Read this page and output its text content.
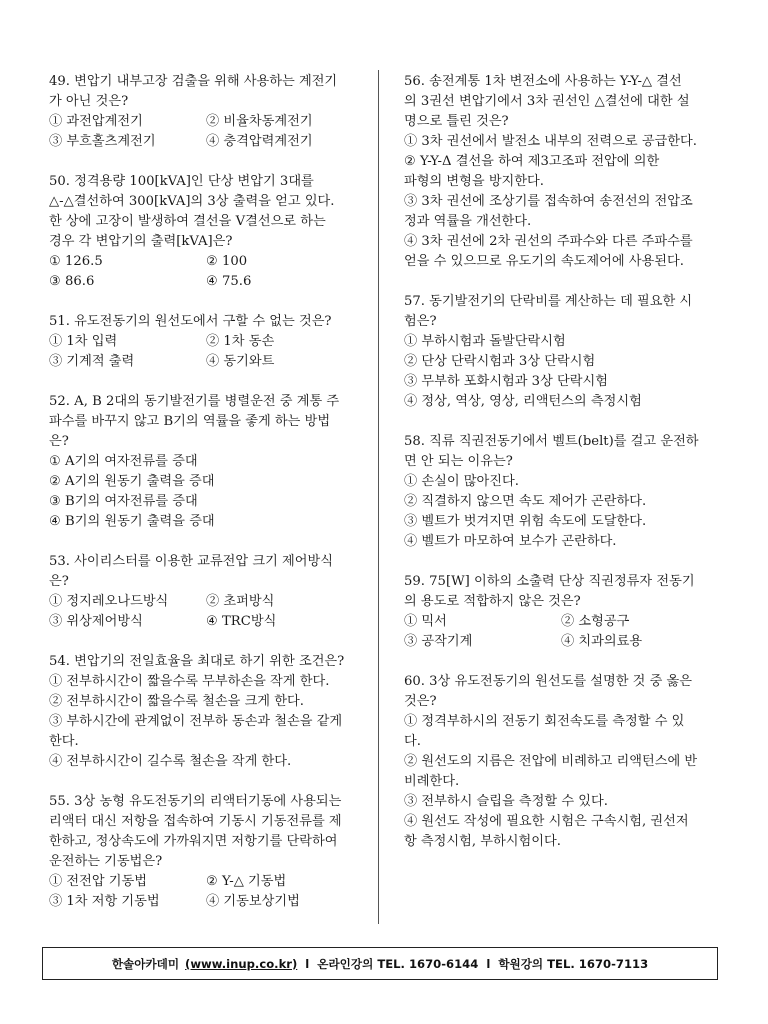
49. 변압기 내부고장 검출을 위해 사용하는 계전기
가 아닌 것은?
① 과전압계전기	② 비율차동계전기
③ 부흐홀츠계전기	④ 충격압력계전기
50. 정격용량 100[kVA]인 단상 변압기 3대를
△-△결선하여 300[kVA]의 3상 출력을 얻고 있다.
한 상에 고장이 발생하여 결선을 V결선으로 하는
경우 각 변압기의 출력[kVA]은?
① 126.5	② 100
③ 86.6	④ 75.6
51. 유도전동기의 원선도에서 구할 수 없는 것은?
① 1차 입력	② 1차 동손
③ 기계적 출력	④ 동기와트
52. A, B 2대의 동기발전기를 병렬운전 중 계통 주
파수를 바꾸지 않고 B기의 역률을 좋게 하는 방법
은?
① A기의 여자전류를 증대
② A기의 원동기 출력을 증대
③ B기의 여자전류를 증대
④ B기의 원동기 출력을 증대
53. 사이리스터를 이용한 교류전압 크기 제어방식
은?
① 정지레오나드방식	② 초퍼방식
③ 위상제어방식	④ TRC방식
54. 변압기의 전일효율을 최대로 하기 위한 조건은?
① 전부하시간이 짧을수록 무부하손을 작게 한다.
② 전부하시간이 짧을수록 철손을 크게 한다.
③ 부하시간에 관계없이 전부하 동손과 철손을 같게
한다.
④ 전부하시간이 길수록 철손을 작게 한다.
55. 3상 농형 유도전동기의 리액터기동에 사용되는
리액터 대신 저항을 접속하여 기동시 기동전류를 제
한하고, 정상속도에 가까워지면 저항기를 단락하여
운전하는 기동법은?
① 전전압 기동법	② Y-△ 기동법
③ 1차 저항 기동법	④ 기동보상기법
56. 송전계통 1차 변전소에 사용하는 Y-Y-△ 결선
의 3권선 변압기에서 3차 권선인 △결선에 대한 설
명으로 틀린 것은?
① 3차 권선에서 발전소 내부의 전력으로 공급한다.
② Y-Y-Δ 결선을 하여 제3고조파 전압에 의한
파형의 변형을 방지한다.
③ 3차 권선에 조상기를 접속하여 송전선의 전압조
정과 역률을 개선한다.
④ 3차 권선에 2차 권선의 주파수와 다른 주파수를
얻을 수 있으므로 유도기의 속도제어에 사용된다.
57. 동기발전기의 단락비를 계산하는 데 필요한 시
험은?
① 부하시험과 돌발단락시험
② 단상 단락시험과 3상 단락시험
③ 무부하 포화시험과 3상 단락시험
④ 정상, 역상, 영상, 리액턴스의 측정시험
58. 직류 직권전동기에서 벨트(belt)를 걸고 운전하
면 안 되는 이유는?
① 손실이 많아진다.
② 직결하지 않으면 속도 제어가 곤란하다.
③ 벨트가 벗겨지면 위험 속도에 도달한다.
④ 벨트가 마모하여 보수가 곤란하다.
59. 75[W] 이하의 소출력 단상 직권정류자 전동기
의 용도로 적합하지 않은 것은?
① 믹서	② 소형공구
③ 공작기계	④ 치과의료용
60. 3상 유도전동기의 원선도를 설명한 것 중 옳은
것은?
① 정격부하시의 전동기 회전속도를 측정할 수 있
다.
② 원선도의 지름은 전압에 비례하고 리액턴스에 반
비례한다.
③ 전부하시 슬립을 측정할 수 있다.
④ 원선도 작성에 필요한 시험은 구속시험, 권선저
항 측정시험, 부하시험이다.
한솔아카데미 (www.inup.co.kr) l 온라인강의 TEL. 1670-6144 l 학원강의 TEL. 1670-7113
